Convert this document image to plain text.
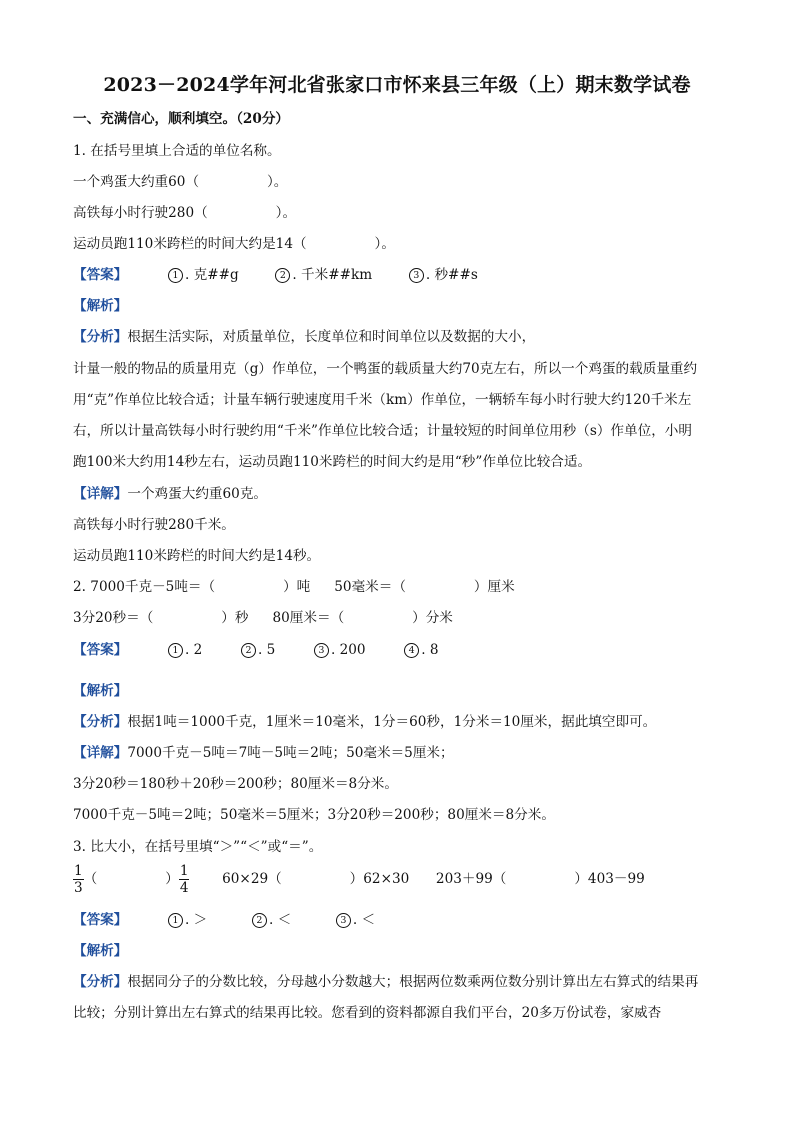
2023－2024学年河北省张家口市怀来县三年级（上）期末数学试卷
一、充满信心，顺利填空。（20分）
1. 在括号里填上合适的单位名称。
一个鸡蛋大约重60（　　　　　）。
高铁每小时行驶280（　　　　　）。
运动员跑110米跨栏的时间大约是14（　　　　　）。
【答案】	1 . 克##g	2 . 千米##km	3 . 秒##s
【解析】
【分析】根据生活实际，对质量单位，长度单位和时间单位以及数据的大小，
计量一般的物品的质量用克（g）作单位，一个鸭蛋的载质量大约70克左右，所以一个鸡蛋的载质量重约
用“克”作单位比较合适；计量车辆行驶速度用千米（km）作单位，一辆轿车每小时行驶大约120千米左
右，所以计量高铁每小时行驶约用“千米”作单位比较合适；计量较短的时间单位用秒（s）作单位，小明
跑100米大约用14秒左右，运动员跑110米跨栏的时间大约是用“秒”作单位比较合适。
【详解】一个鸡蛋大约重60克。
高铁每小时行驶280千米。
运动员跑110米跨栏的时间大约是14秒。
2. 7000千克－5吨＝（　　　　　）吨 50毫米＝（　　　　　）厘米
3分20秒＝（　　　　　）秒 80厘米＝（　　　　　）分米
【答案】	1 . 2	2 . 5	3 . 200	4 . 8
【解析】
【分析】根据1吨＝1000千克，1厘米＝10毫米，1分＝60秒，1分米＝10厘米，据此填空即可。
【详解】7000千克－5吨＝7吨－5吨＝2吨；50毫米＝5厘米；
3分20秒＝180秒＋20秒＝200秒；80厘米＝8分米。
7000千克－5吨＝2吨；50毫米＝5厘米；3分20秒＝200秒；80厘米＝8分米。
3. 比大小，在括号里填“＞”“＜”或“＝”。
$\frac{1}{3}$ （　　　　　） $\frac{1}{4} 60\times 29$（　　　　　）62×30 203＋99（　　　　　）403－99
【答案】	1 . ＞	2 . ＜	3 . ＜
【解析】
【分析】根据同分子的分数比较，分母越小分数越大；根据两位数乘两位数分别计算出左右算式的结果再
比较；分别计算出左右算式的结果再比较。您看到的资料都源自我们平台，20多万份试卷，家威杏
